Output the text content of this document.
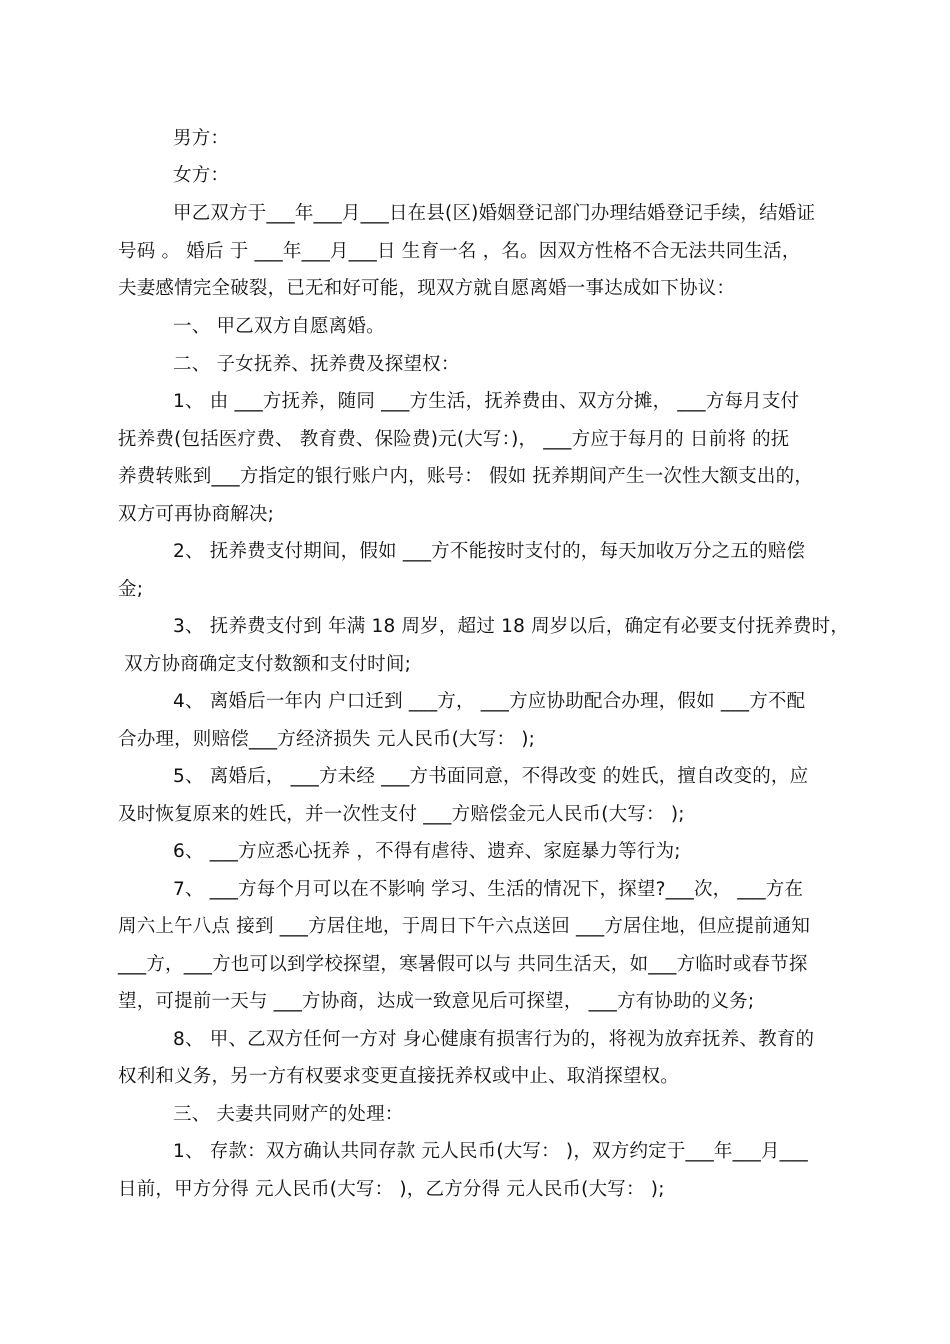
男方：
女方：
甲乙双方于___年___月___日在县(区)婚姻登记部门办理结婚登记手续，结婚证
号码 。 婚后 于 ___年___月___日 生育一名 ，名。因双方性格不合无法共同生活，
夫妻感情完全破裂，已无和好可能，现双方就自愿离婚一事达成如下协议：
一、 甲乙双方自愿离婚。
二、 子女抚养、抚养费及探望权：
1、 由 ___方抚养，随同 ___方生活，抚养费由、双方分摊， ___方每月支付
抚养费(包括医疗费、 教育费、保险费)元(大写：)， ___方应于每月的 日前将 的抚
养费转账到___方指定的银行账户内，账号： 假如 抚养期间产生一次性大额支出的，
双方可再协商解决;
2、 抚养费支付期间，假如 ___方不能按时支付的，每天加收万分之五的赔偿
金;
3、 抚养费支付到 年满 18 周岁，超过 18 周岁以后，确定有必要支付抚养费时，
双方协商确定支付数额和支付时间;
4、 离婚后一年内 户口迁到 ___方， ___方应协助配合办理，假如 ___方不配
合办理，则赔偿___方经济损失 元人民币(大写： );
5、 离婚后， ___方未经 ___方书面同意，不得改变 的姓氏，擅自改变的，应
及时恢复原来的姓氏，并一次性支付 ___方赔偿金元人民币(大写： );
6、 ___方应悉心抚养 ，不得有虐待、遗弃、家庭暴力等行为;
7、 ___方每个月可以在不影响 学习、生活的情况下，探望?___次， ___方在
周六上午八点 接到 ___方居住地，于周日下午六点送回 ___方居住地，但应提前通知
___方，___方也可以到学校探望，寒暑假可以与 共同生活天，如___方临时或春节探
望，可提前一天与 ___方协商，达成一致意见后可探望， ___方有协助的义务;
8、 甲、乙双方任何一方对 身心健康有损害行为的，将视为放弃抚养、教育的
权利和义务，另一方有权要求变更直接抚养权或中止、取消探望权。
三、 夫妻共同财产的处理：
1、 存款：双方确认共同存款 元人民币(大写： )，双方约定于___年___月___
日前，甲方分得 元人民币(大写： )，乙方分得 元人民币(大写： );
